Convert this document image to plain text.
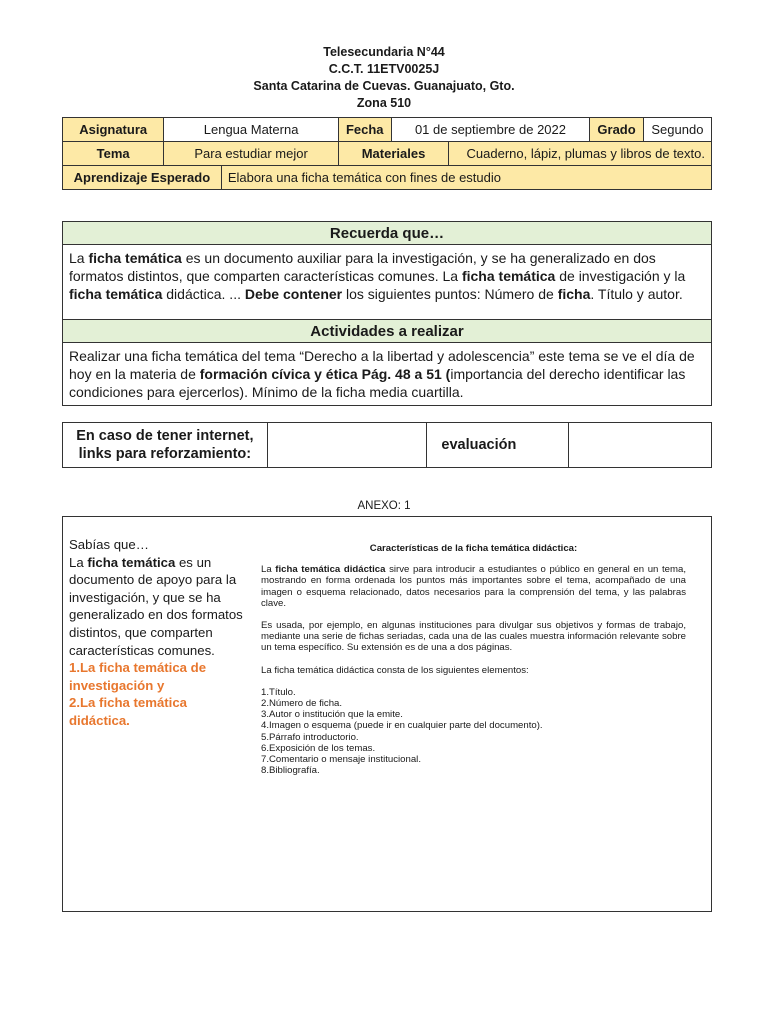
Telesecundaria N°44
C.C.T. 11ETV0025J
Santa Catarina de Cuevas. Guanajuato, Gto.
Zona 510
Asignatura	Lengua Materna		Fecha	01 de septiembre de 2022		Grado	Segundo
Tema	Para estudiar mejor		Materiales		Cuaderno, lápiz, plumas y libros de texto.		
Aprendizaje Esperado		Elabora una ficha temática con fines de estudio					
Recuerda que…
La ficha temática es un documento auxiliar para la investigación, y se ha generalizado en dos formatos distintos, que comparten características comunes. La ficha temática de investigación y la ficha temática didáctica. ... Debe contener los siguientes puntos: Número de ficha. Título y autor.
Actividades a realizar
Realizar una ficha temática del tema “Derecho a la libertad y adolescencia” este tema se ve el día de hoy en la materia de formación cívica y ética Pág. 48 a 51 (importancia del derecho identificar las condiciones para ejercerlos). Mínimo de la ficha media cuartilla.
En caso de tener internet,
links para reforzamiento:		evaluación	
ANEXO: 1
Sabías que…
La ficha temática es un documento de apoyo para la investigación, y que se ha generalizado en dos formatos distintos, que comparten características comunes.
1.La ficha temática de investigación y
2.La ficha temática didáctica.
Características de la ficha temática didáctica:

La ficha temática didáctica sirve para introducir a estudiantes o público en general en un tema, mostrando en forma ordenada los puntos más importantes sobre el tema, acompañado de una imagen o esquema relacionado, datos necesarios para la comprensión del tema, y las palabras clave.

Es usada, por ejemplo, en algunas instituciones para divulgar sus objetivos y formas de trabajo, mediante una serie de fichas seriadas, cada una de las cuales muestra información relevante sobre un tema específico. Su extensión es de una a dos páginas.

La ficha temática didáctica consta de los siguientes elementos:

1.Título.
2.Número de ficha.
3.Autor o institución que la emite.
4.Imagen o esquema (puede ir en cualquier parte del documento).
5.Párrafo introductorio.
6.Exposición de los temas.
7.Comentario o mensaje institucional.
8.Bibliografía.
